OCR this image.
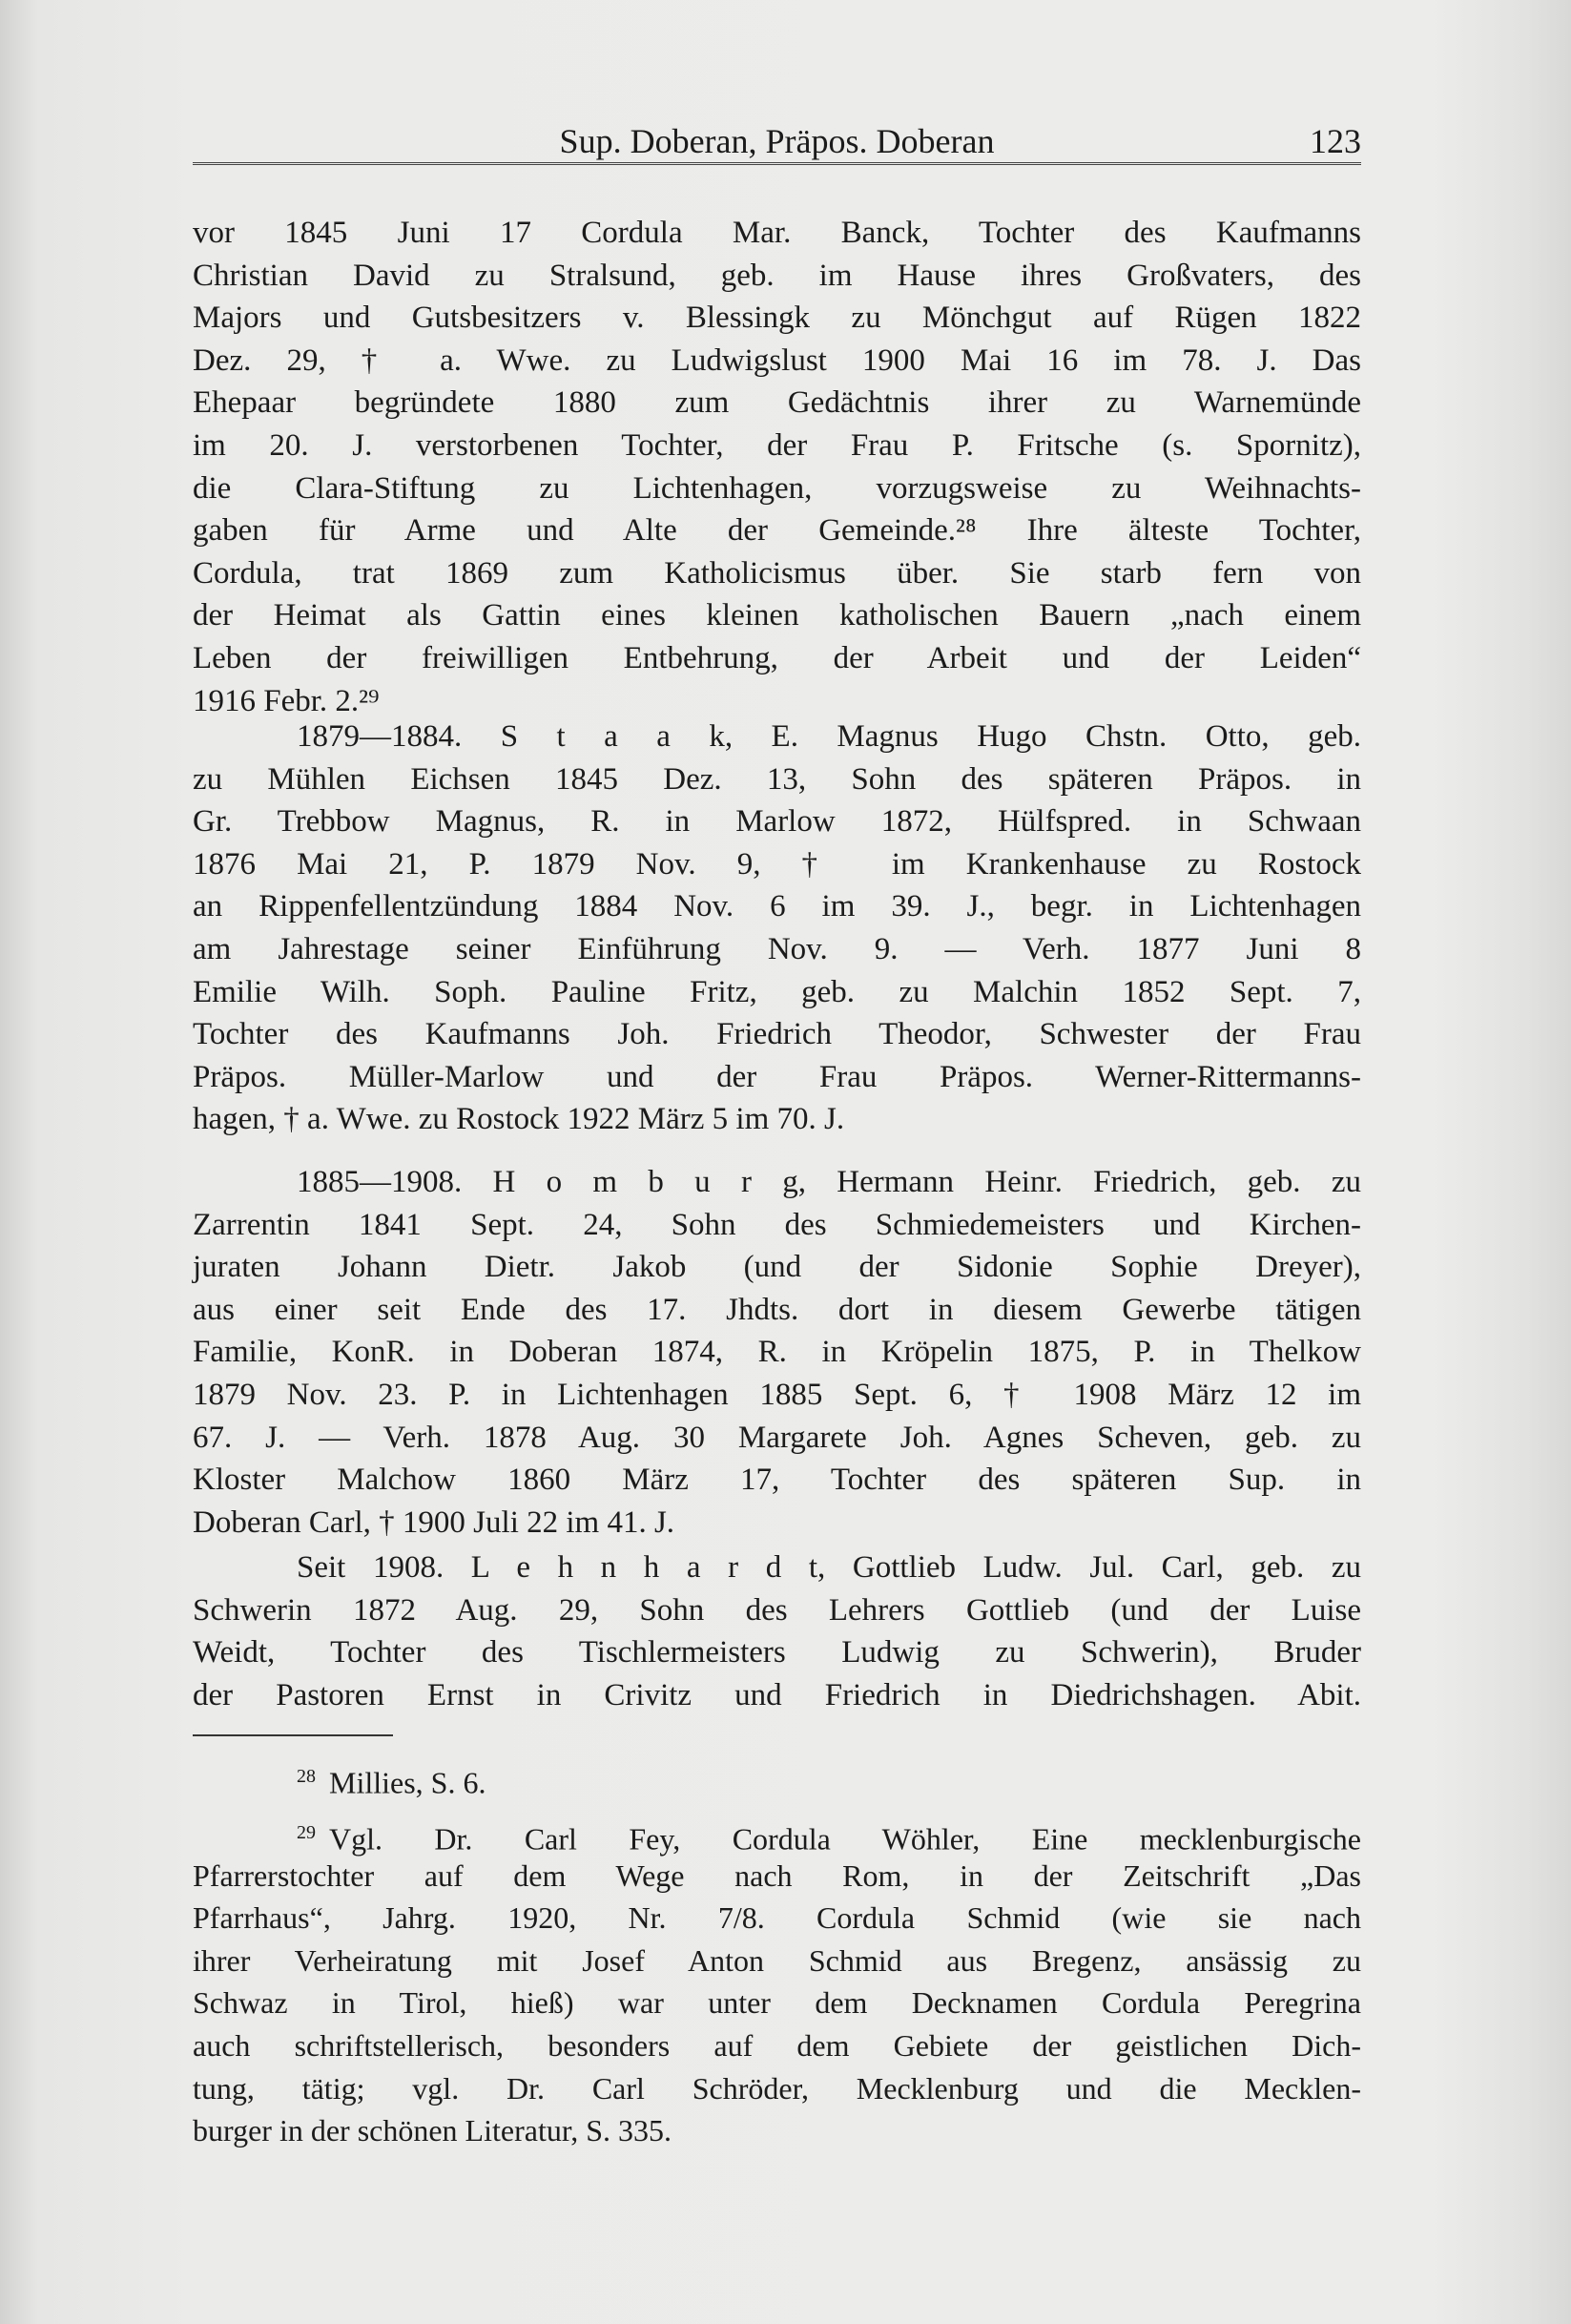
Sup. Doberan, Präpos. Doberan	123
vor 1845 Juni 17 Cordula Mar. Banck, Tochter des Kaufmanns
Christian David zu Stralsund, geb. im Hause ihres Großvaters, des
Majors und Gutsbesitzers v. Blessingk zu Mönchgut auf Rügen 1822
Dez. 29, † a. Wwe. zu Ludwigslust 1900 Mai 16 im 78. J. Das
Ehepaar begründete 1880 zum Gedächtnis ihrer zu Warnemünde
im 20. J. verstorbenen Tochter, der Frau P. Fritsche (s. Spornitz),
die Clara-Stiftung zu Lichtenhagen, vorzugsweise zu Weihnachts-
gaben für Arme und Alte der Gemeinde.²⁸ Ihre älteste Tochter,
Cordula, trat 1869 zum Katholicismus über. Sie starb fern von
der Heimat als Gattin eines kleinen katholischen Bauern „nach einem
Leben der freiwilligen Entbehrung, der Arbeit und der Leiden“
1916 Febr. 2.²⁹
1879—1884. S t a a k, E. Magnus Hugo Chstn. Otto, geb.
zu Mühlen Eichsen 1845 Dez. 13, Sohn des späteren Präpos. in
Gr. Trebbow Magnus, R. in Marlow 1872, Hülfspred. in Schwaan
1876 Mai 21, P. 1879 Nov. 9, † im Krankenhause zu Rostock
an Rippenfellentzündung 1884 Nov. 6 im 39. J., begr. in Lichtenhagen
am Jahrestage seiner Einführung Nov. 9. — Verh. 1877 Juni 8
Emilie Wilh. Soph. Pauline Fritz, geb. zu Malchin 1852 Sept. 7,
Tochter des Kaufmanns Joh. Friedrich Theodor, Schwester der Frau
Präpos. Müller-Marlow und der Frau Präpos. Werner-Rittermanns-
hagen, † a. Wwe. zu Rostock 1922 März 5 im 70. J.
1885—1908. H o m b u r g, Hermann Heinr. Friedrich, geb. zu
Zarrentin 1841 Sept. 24, Sohn des Schmiedemeisters und Kirchen-
juraten Johann Dietr. Jakob (und der Sidonie Sophie Dreyer),
aus einer seit Ende des 17. Jhdts. dort in diesem Gewerbe tätigen
Familie, KonR. in Doberan 1874, R. in Kröpelin 1875, P. in Thelkow
1879 Nov. 23. P. in Lichtenhagen 1885 Sept. 6, † 1908 März 12 im
67. J. — Verh. 1878 Aug. 30 Margarete Joh. Agnes Scheven, geb. zu
Kloster Malchow 1860 März 17, Tochter des späteren Sup. in
Doberan Carl, † 1900 Juli 22 im 41. J.
Seit 1908. L e h n h a r d t, Gottlieb Ludw. Jul. Carl, geb. zu
Schwerin 1872 Aug. 29, Sohn des Lehrers Gottlieb (und der Luise
Weidt, Tochter des Tischlermeisters Ludwig zu Schwerin), Bruder
der Pastoren Ernst in Crivitz und Friedrich in Diedrichshagen. Abit.
$^{28}$ Millies, S. 6.
$^{29}$ Vgl. Dr. Carl Fey, Cordula Wöhler, Eine mecklenburgische
Pfarrerstochter auf dem Wege nach Rom, in der Zeitschrift „Das
Pfarrhaus“, Jahrg. 1920, Nr. 7/8. Cordula Schmid (wie sie nach
ihrer Verheiratung mit Josef Anton Schmid aus Bregenz, ansässig zu
Schwaz in Tirol, hieß) war unter dem Decknamen Cordula Peregrina
auch schriftstellerisch, besonders auf dem Gebiete der geistlichen Dich-
tung, tätig; vgl. Dr. Carl Schröder, Mecklenburg und die Mecklen-
burger in der schönen Literatur, S. 335.
